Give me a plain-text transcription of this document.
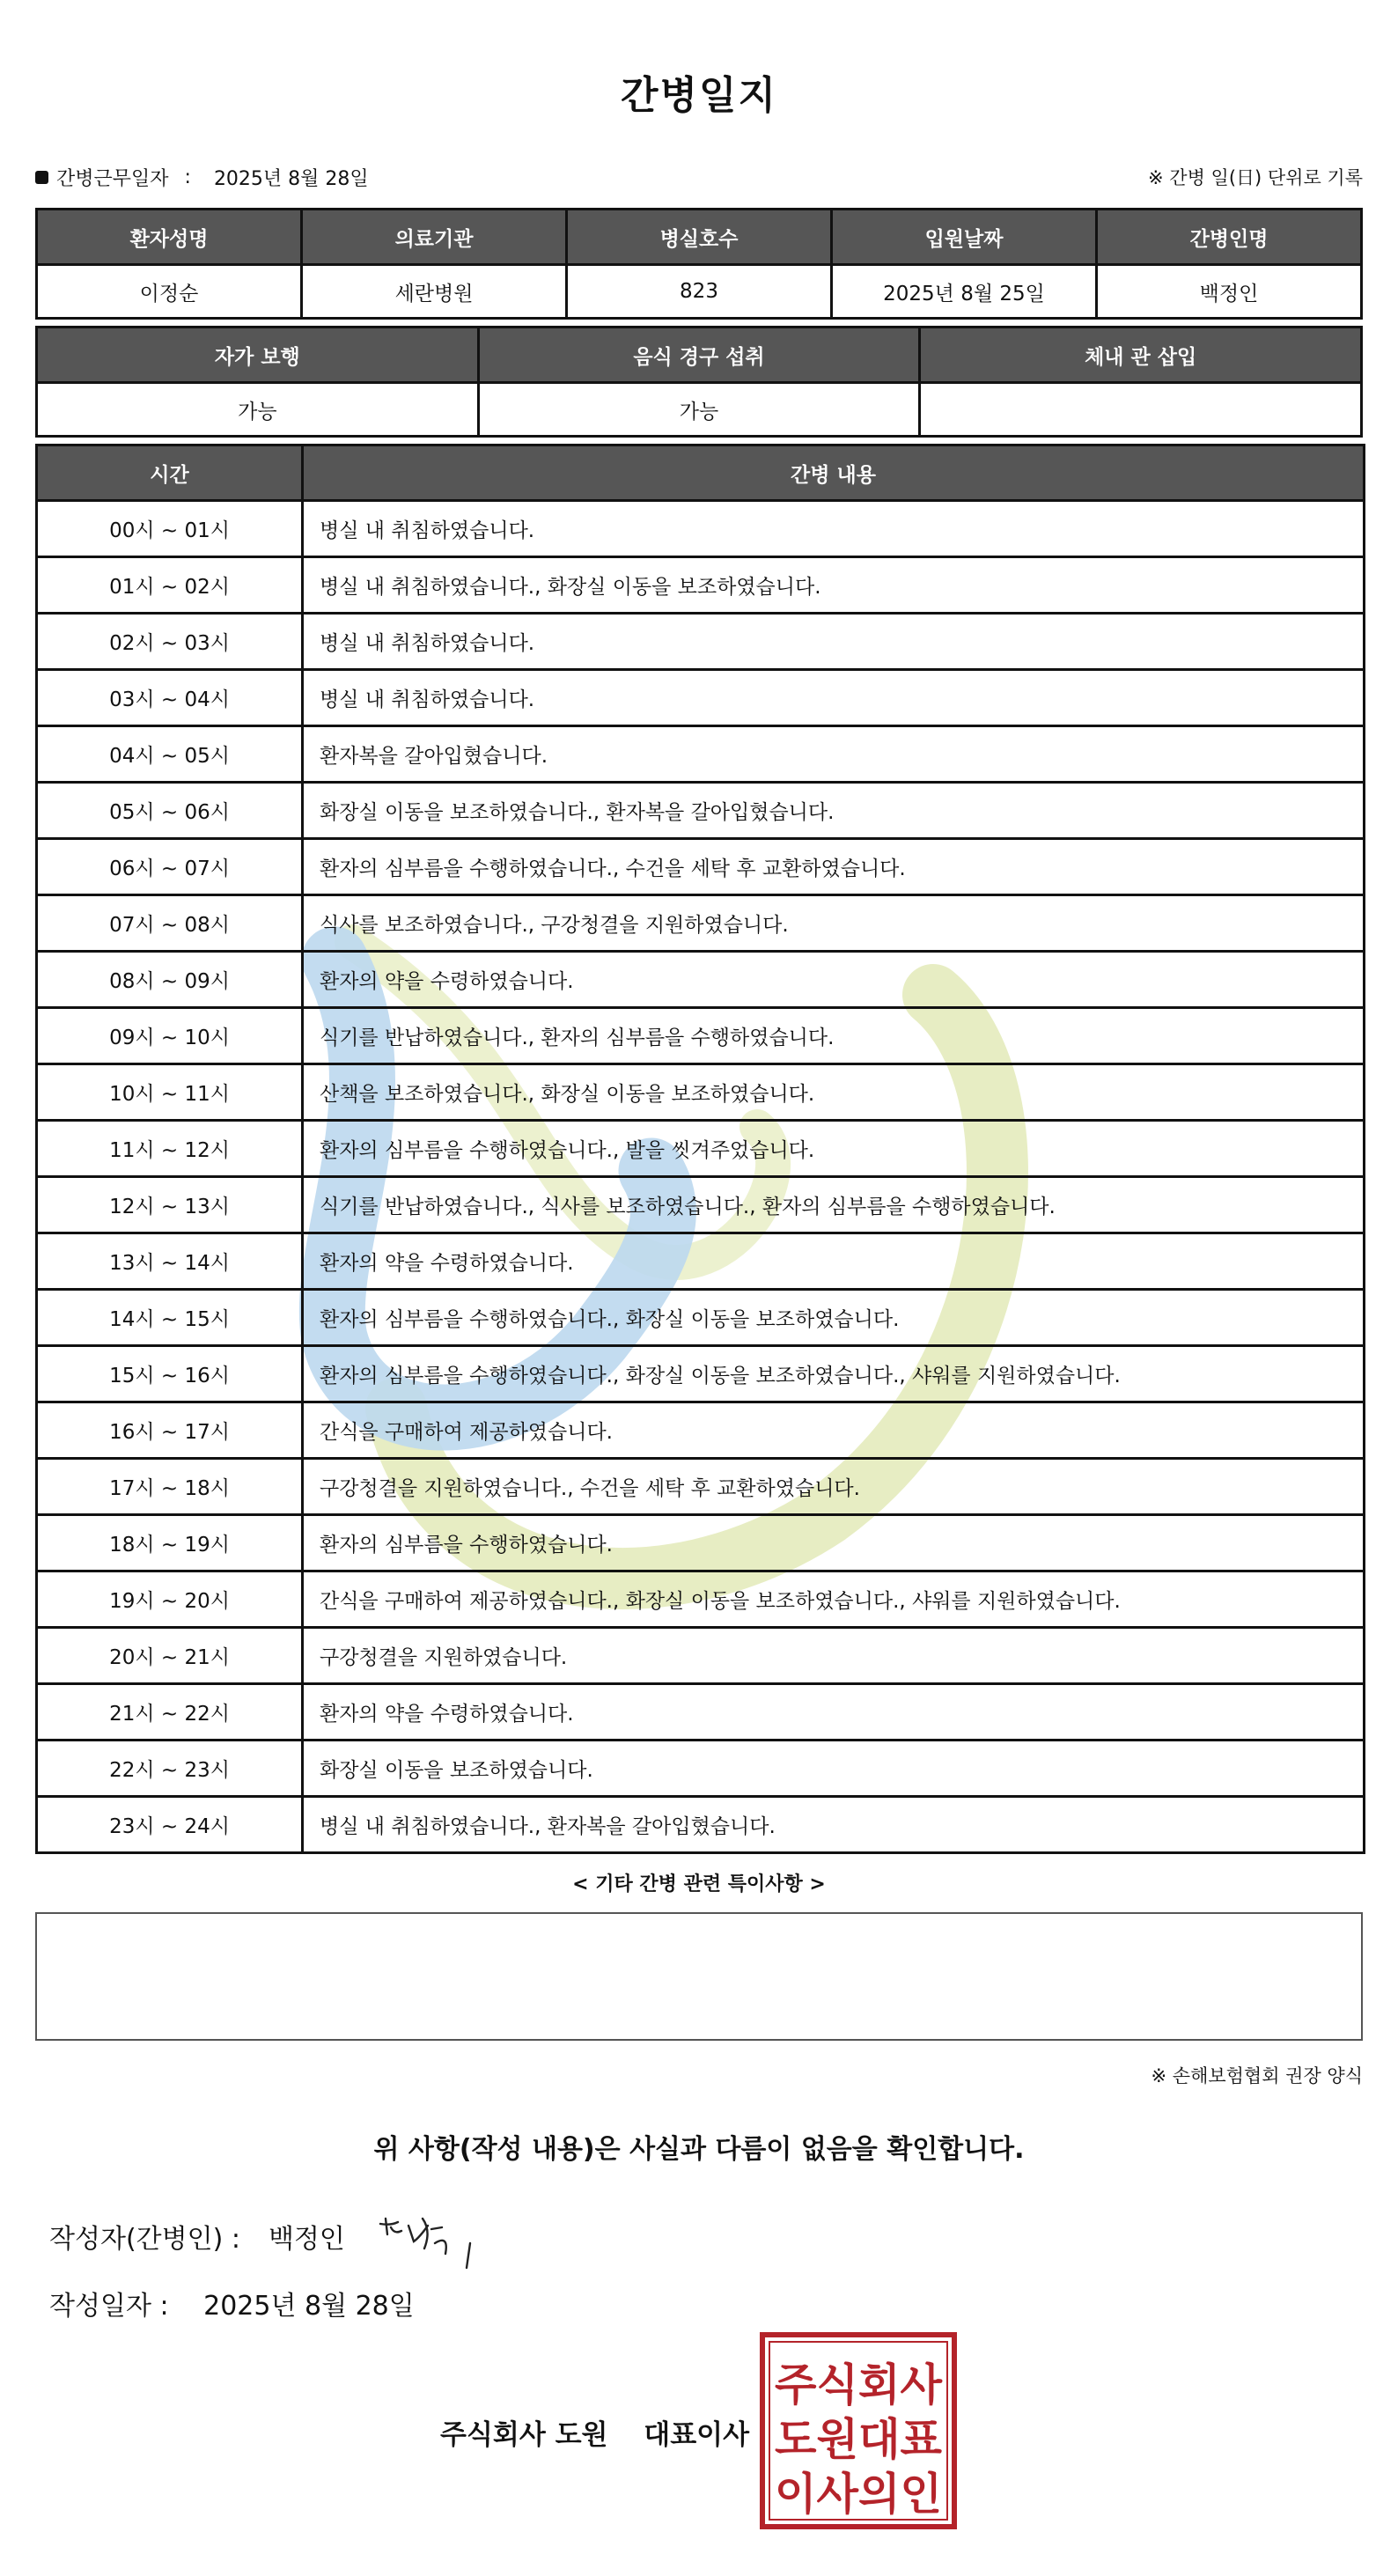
간병일지
간병근무일자 : 2025년 8월 28일	※ 간병 일(日) 단위로 기록
환자성명	의료기관	병실호수	입원날짜	간병인명
이정순	세란병원	823	2025년 8월 25일	백정인
자가 보행	음식 경구 섭취	체내 관 삽입
가능	가능	
시간	간병 내용
00시 ~ 01시	병실 내 취침하였습니다.
01시 ~ 02시	병실 내 취침하였습니다., 화장실 이동을 보조하였습니다.
02시 ~ 03시	병실 내 취침하였습니다.
03시 ~ 04시	병실 내 취침하였습니다.
04시 ~ 05시	환자복을 갈아입혔습니다.
05시 ~ 06시	화장실 이동을 보조하였습니다., 환자복을 갈아입혔습니다.
06시 ~ 07시	환자의 심부름을 수행하였습니다., 수건을 세탁 후 교환하였습니다.
07시 ~ 08시	식사를 보조하였습니다., 구강청결을 지원하였습니다.
08시 ~ 09시	환자의 약을 수령하였습니다.
09시 ~ 10시	식기를 반납하였습니다., 환자의 심부름을 수행하였습니다.
10시 ~ 11시	산책을 보조하였습니다., 화장실 이동을 보조하였습니다.
11시 ~ 12시	환자의 심부름을 수행하였습니다., 발을 씻겨주었습니다.
12시 ~ 13시	식기를 반납하였습니다., 식사를 보조하였습니다., 환자의 심부름을 수행하였습니다.
13시 ~ 14시	환자의 약을 수령하였습니다.
14시 ~ 15시	환자의 심부름을 수행하였습니다., 화장실 이동을 보조하였습니다.
15시 ~ 16시	환자의 심부름을 수행하였습니다., 화장실 이동을 보조하였습니다., 샤워를 지원하였습니다.
16시 ~ 17시	간식을 구매하여 제공하였습니다.
17시 ~ 18시	구강청결을 지원하였습니다., 수건을 세탁 후 교환하였습니다.
18시 ~ 19시	환자의 심부름을 수행하였습니다.
19시 ~ 20시	간식을 구매하여 제공하였습니다., 화장실 이동을 보조하였습니다., 샤워를 지원하였습니다.
20시 ~ 21시	구강청결을 지원하였습니다.
21시 ~ 22시	환자의 약을 수령하였습니다.
22시 ~ 23시	화장실 이동을 보조하였습니다.
23시 ~ 24시	병실 내 취침하였습니다., 환자복을 갈아입혔습니다.
< 기타 간병 관련 특이사항 >
※ 손해보험협회 권장 양식
위 사항(작성 내용)은 사실과 다름이 없음을 확인합니다.
작성자(간병인) : 백정인
작성일자 : 2025년 8월 28일
주식회사 도원 대표이사
주식회사
도원대표
이사의인
